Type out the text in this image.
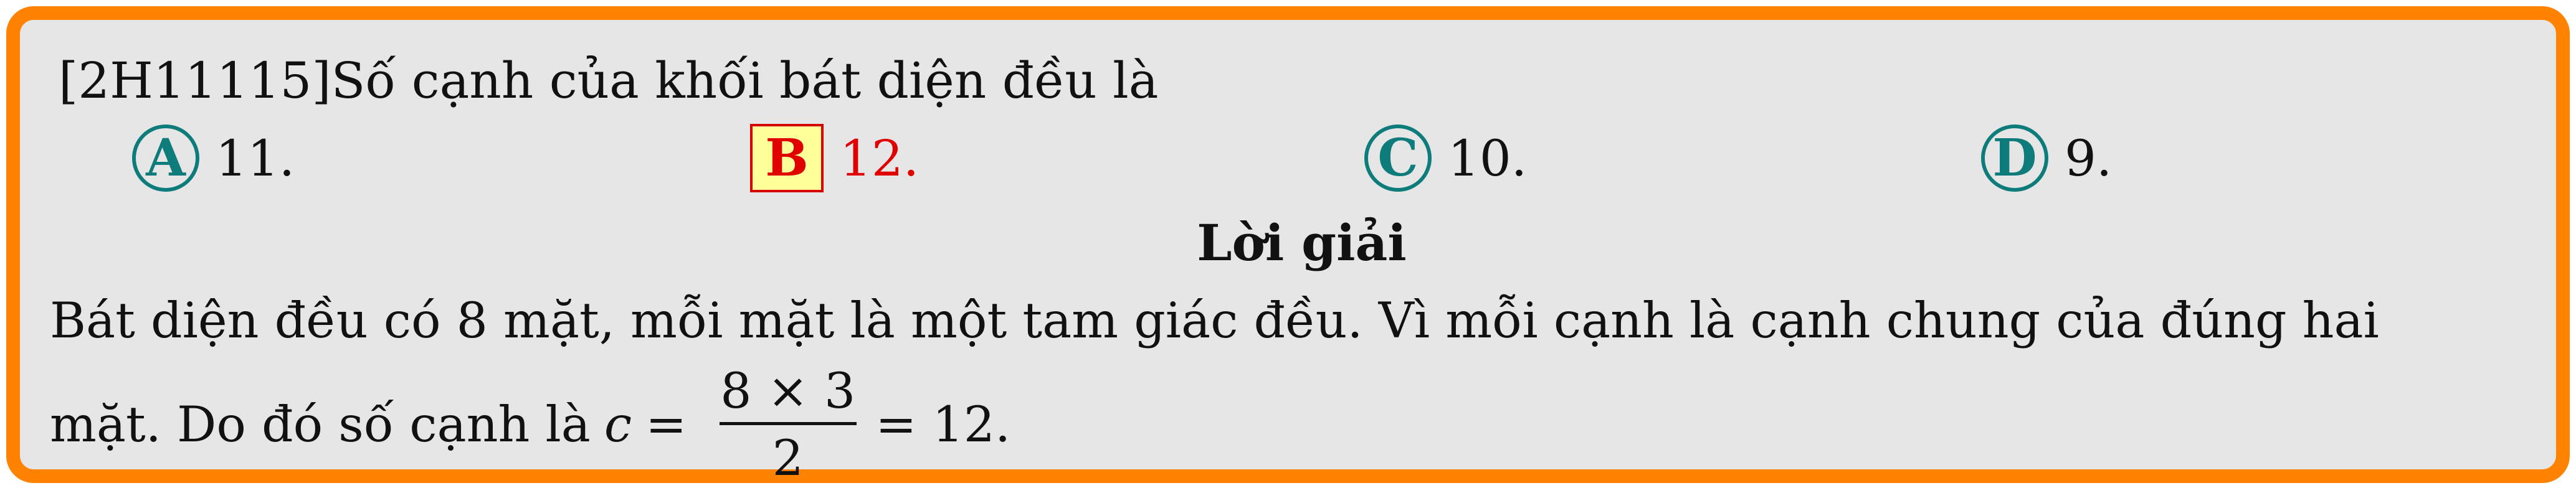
[2H11115]Số cạnh của khối bát diện đều là
A 11.	B 12.	C 10.	D 9.
Lời giải
Bát diện đều có 8 mặt, mỗi mặt là một tam giác đều. Vì mỗi cạnh là cạnh chung của đúng hai
mặt. Do đó số cạnh là c =
8 × 3
2
= 12.
